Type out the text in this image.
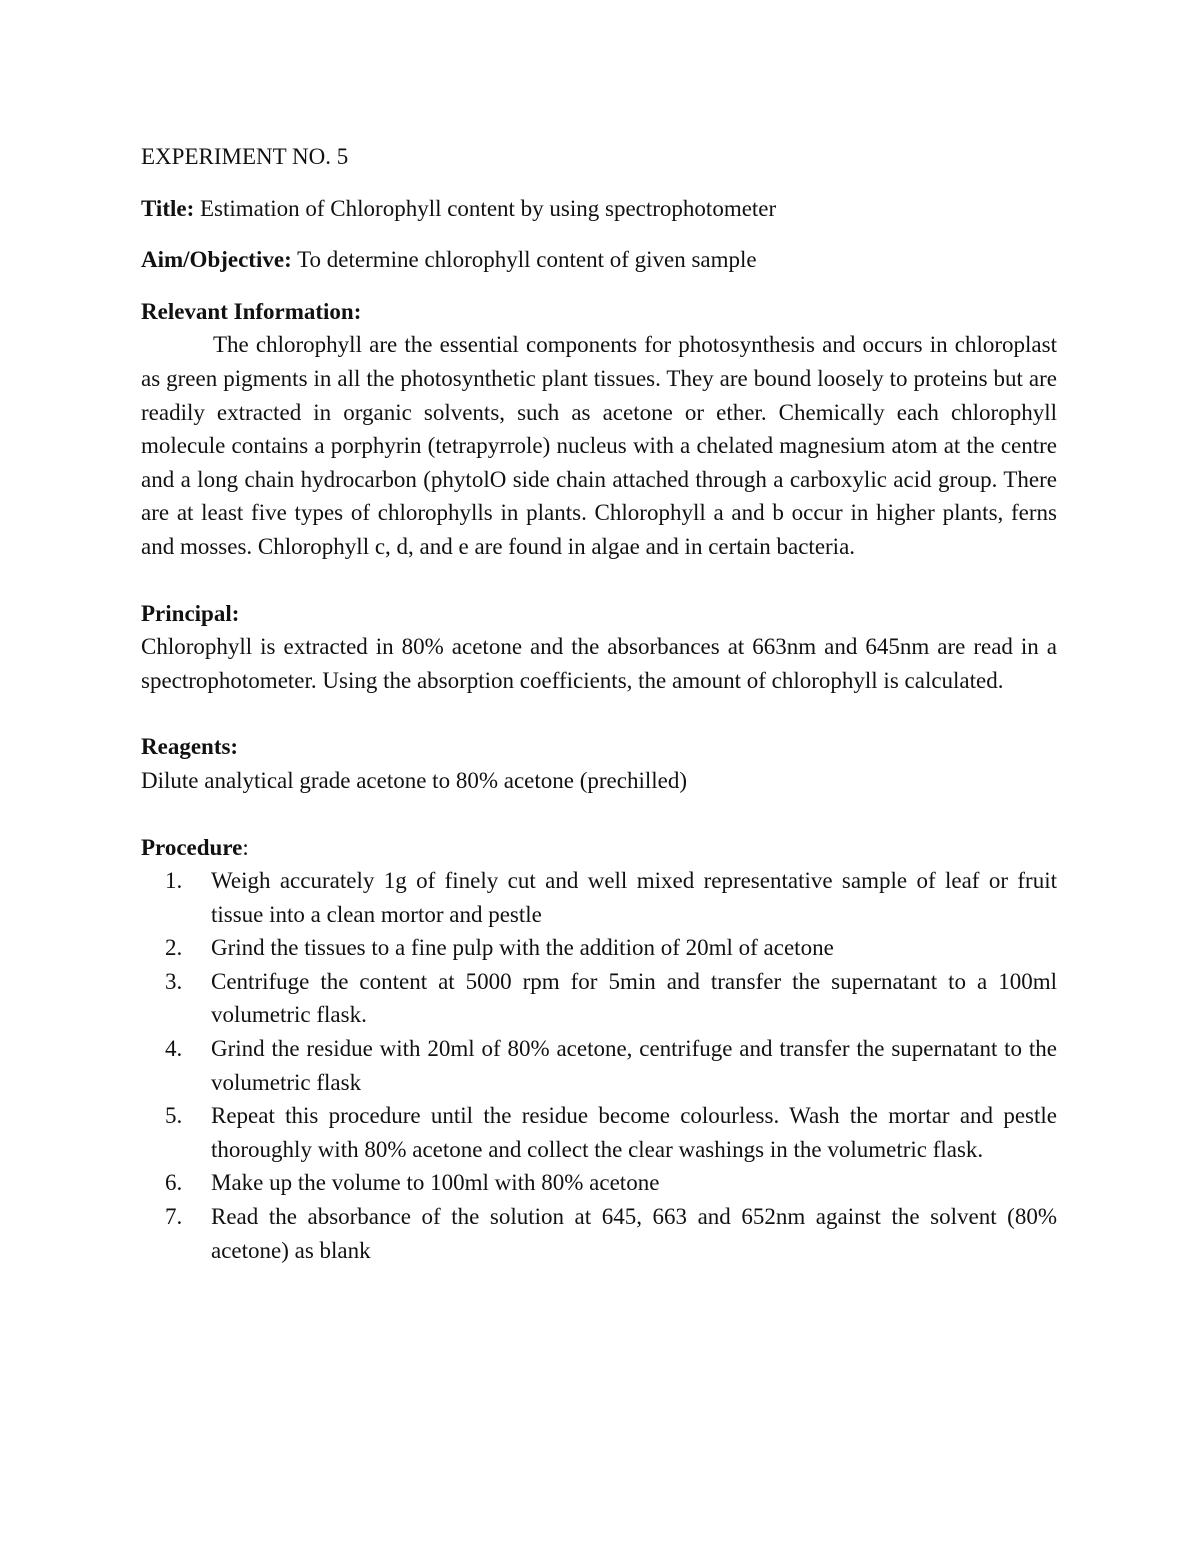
EXPERIMENT NO. 5

Title: Estimation of Chlorophyll content by using spectrophotometer

Aim/Objective: To determine chlorophyll content of given sample

Relevant Information:

The chlorophyll are the essential components for photosynthesis and occurs in chloroplast as green pigments in all the photosynthetic plant tissues. They are bound loosely to proteins but are readily extracted in organic solvents, such as acetone or ether. Chemically each chlorophyll molecule contains a porphyrin (tetrapyrrole) nucleus with a chelated magnesium atom at the centre and a long chain hydrocarbon (phytolO side chain attached through a carboxylic acid group. There are at least five types of chlorophylls in plants. Chlorophyll a and b occur in higher plants, ferns and mosses. Chlorophyll c, d, and e are found in algae and in certain bacteria.

Principal:

Chlorophyll is extracted in 80% acetone and the absorbances at 663nm and 645nm are read in a spectrophotometer. Using the absorption coefficients, the amount of chlorophyll is calculated.

Reagents:

Dilute analytical grade acetone to 80% acetone (prechilled)

Procedure:

1.	Weigh accurately 1g of finely cut and well mixed representative sample of leaf or fruit tissue into a clean mortor and pestle
2.	Grind the tissues to a fine pulp with the addition of 20ml of acetone
3.	Centrifuge the content at 5000 rpm for 5min and transfer the supernatant to a 100ml volumetric flask.
4.	Grind the residue with 20ml of 80% acetone, centrifuge and transfer the supernatant to the volumetric flask
5.	Repeat this procedure until the residue become colourless. Wash the mortar and pestle thoroughly with 80% acetone and collect the clear washings in the volumetric flask.
6.	Make up the volume to 100ml with 80% acetone
7.	Read the absorbance of the solution at 645, 663 and 652nm against the solvent (80% acetone) as blank
